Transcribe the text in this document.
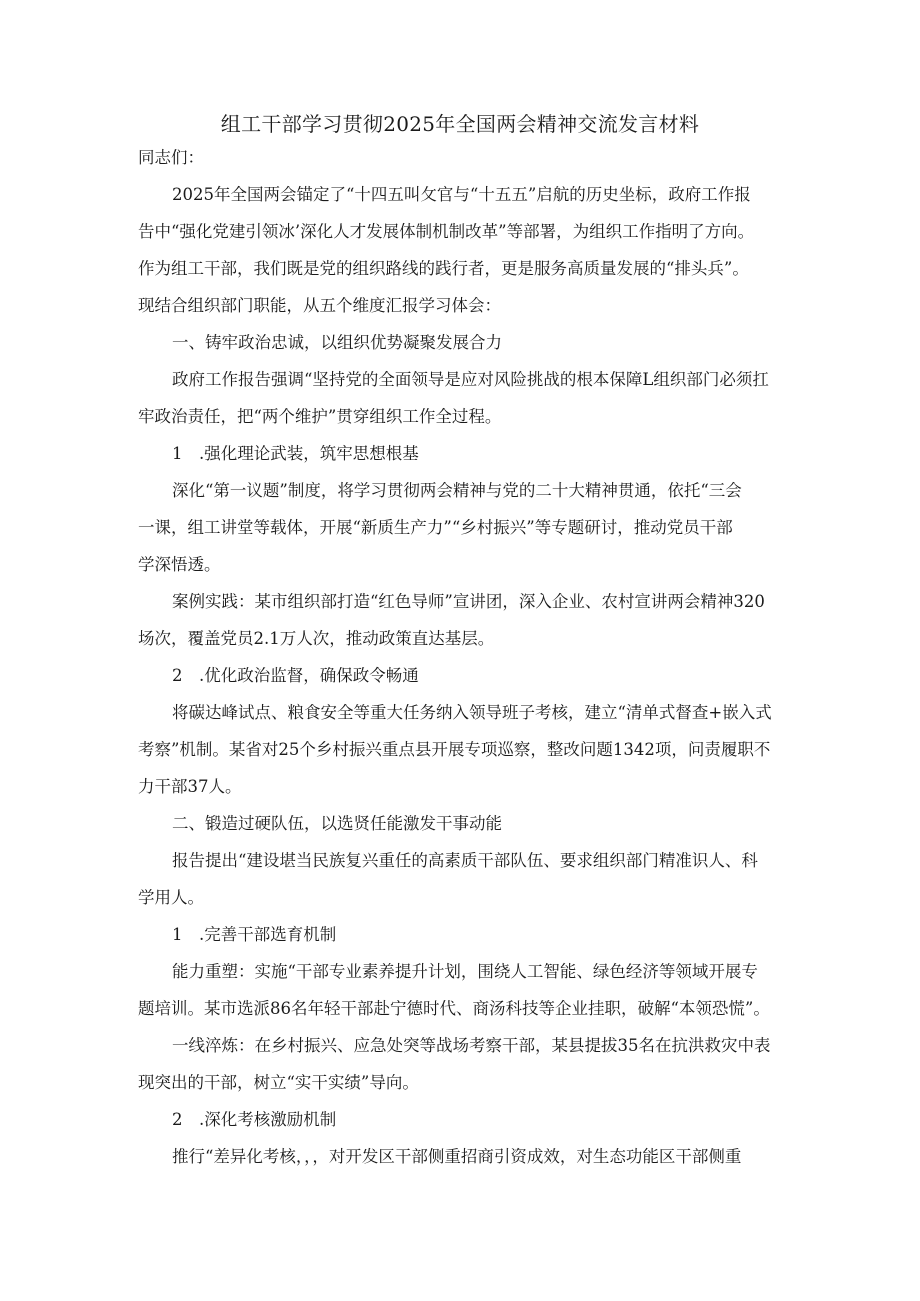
组工干部学习贯彻2025年全国两会精神交流发言材料
同志们：
2025年全国两会锚定了“十四五叫攵官与“十五五”启航的历史坐标，政府工作报
告中“强化党建引领冰’深化人才发展体制机制改革”等部署，为组织工作指明了方向。
作为组工干部，我们既是党的组织路线的践行者，更是服务高质量发展的“排头兵”。
现结合组织部门职能，从五个维度汇报学习体会：
一、铸牢政治忠诚，以组织优势凝聚发展合力
政府工作报告强调“坚持党的全面领导是应对风险挑战的根本保障L组织部门必须扛
牢政治责任，把“两个维护”贯穿组织工作全过程。
1　.强化理论武装，筑牢思想根基
深化“第一议题”制度，将学习贯彻两会精神与党的二十大精神贯通，依托“三会
一课，组工讲堂等载体，开展“新质生产力”“乡村振兴”等专题研讨，推动党员干部
学深悟透。
案例实践：某市组织部打造“红色导师”宣讲团，深入企业、农村宣讲两会精神320
场次，覆盖党员2.1万人次，推动政策直达基层。
2　.优化政治监督，确保政令畅通
将碳达峰试点、粮食安全等重大任务纳入领导班子考核，建立“清单式督查+嵌入式
考察”机制。某省对25个乡村振兴重点县开展专项巡察，整改问题1342项，问责履职不
力干部37人。
二、锻造过硬队伍，以选贤任能激发干事动能
报告提出“建设堪当民族复兴重任的高素质干部队伍、要求组织部门精准识人、科
学用人。
1　.完善干部选育机制
能力重塑：实施“干部专业素养提升计划，围绕人工智能、绿色经济等领域开展专
题培训。某市选派86名年轻干部赴宁德时代、商汤科技等企业挂职，破解“本领恐慌”。
一线淬炼：在乡村振兴、应急处突等战场考察干部，某县提拔35名在抗洪救灾中表
现突出的干部，树立“实干实绩”导向。
2　.深化考核激励机制
推行“差异化考核，，，对开发区干部侧重招商引资成效，对生态功能区干部侧重
